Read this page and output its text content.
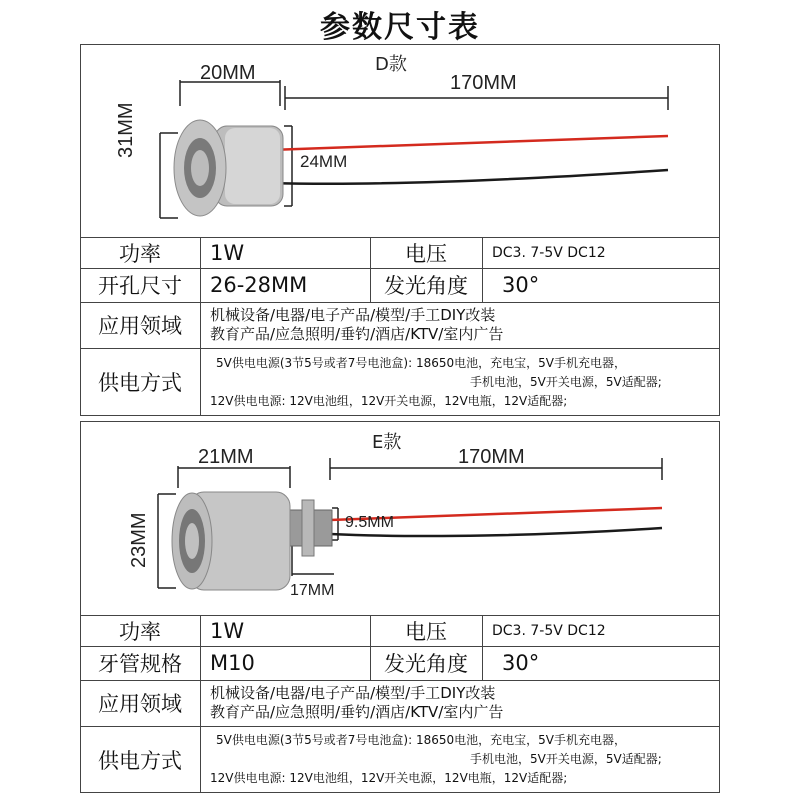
参数尺寸表
D款
20MM	170MM
31MM
24MM
功率	1W	电压	DC3. 7-5V DC12
开孔尺寸	26-28MM	发光角度	30°
应用领域	机械设备/电器/电子产品/模型/手工DIY改装
教育产品/应急照明/垂钓/酒店/KTV/室内广告
供电方式
5V供电电源(3节5号或者7号电池盒): 18650电池，充电宝，5V手机充电器，
手机电池，5V开关电源，5V适配器;
12V供电电源: 12V电池组，12V开关电源，12V电瓶，12V适配器;
E款
21MM	170MM
23MM	9.5MM
17MM
功率	1W	电压	DC3. 7-5V DC12
牙管规格	M10	发光角度	30°
应用领域	机械设备/电器/电子产品/模型/手工DIY改装
教育产品/应急照明/垂钓/酒店/KTV/室内广告
供电方式
5V供电电源(3节5号或者7号电池盒): 18650电池，充电宝，5V手机充电器，
手机电池，5V开关电源，5V适配器;
12V供电电源: 12V电池组，12V开关电源，12V电瓶，12V适配器;
